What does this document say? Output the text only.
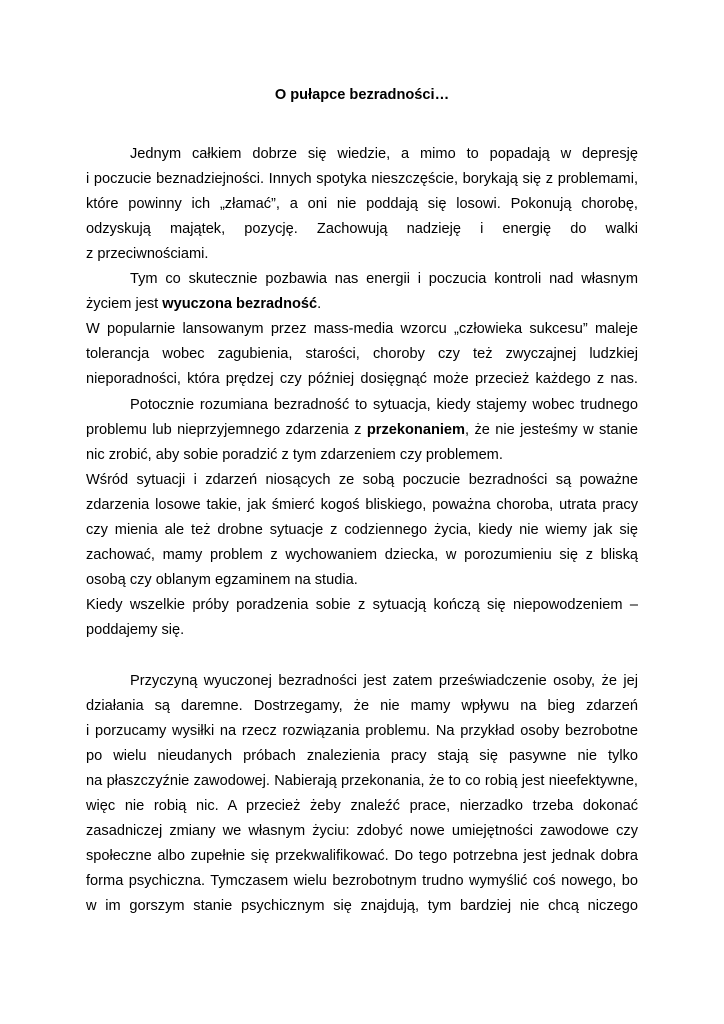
O pułapce bezradności…
Jednym całkiem dobrze się wiedzie, a mimo to popadają w depresję
i poczucie beznadziejności. Innych spotyka nieszczęście, borykają się z problemami,
które powinny ich „złamać”, a oni nie poddają się losowi. Pokonują chorobę,
odzyskują majątek, pozycję. Zachowują nadzieję i energię do walki
z przeciwnościami.
Tym co skutecznie pozbawia nas energii i poczucia kontroli nad własnym
życiem jest wyuczona bezradność.
W popularnie lansowanym przez mass-media wzorcu „człowieka sukcesu” maleje
tolerancja wobec zagubienia, starości, choroby czy też zwyczajnej ludzkiej
nieporadności, która prędzej czy później dosięgnąć może przecież każdego z nas.
Potocznie rozumiana bezradność to sytuacja, kiedy stajemy wobec trudnego
problemu lub nieprzyjemnego zdarzenia z przekonaniem, że nie jesteśmy w stanie
nic zrobić, aby sobie poradzić z tym zdarzeniem czy problemem.
Wśród sytuacji i zdarzeń niosących ze sobą poczucie bezradności są poważne
zdarzenia losowe takie, jak śmierć kogoś bliskiego, poważna choroba, utrata pracy
czy mienia ale też drobne sytuacje z codziennego życia, kiedy nie wiemy jak się
zachować, mamy problem z wychowaniem dziecka, w porozumieniu się z bliską
osobą czy oblanym egzaminem na studia.
Kiedy wszelkie próby poradzenia sobie z sytuacją kończą się niepowodzeniem –
poddajemy się.
Przyczyną wyuczonej bezradności jest zatem przeświadczenie osoby, że jej
działania są daremne. Dostrzegamy, że nie mamy wpływu na bieg zdarzeń
i porzucamy wysiłki na rzecz rozwiązania problemu. Na przykład osoby bezrobotne
po wielu nieudanych próbach znalezienia pracy stają się pasywne nie tylko
na płaszczyźnie zawodowej. Nabierają przekonania, że to co robią jest nieefektywne,
więc nie robią nic. A przecież żeby znaleźć prace, nierzadko trzeba dokonać
zasadniczej zmiany we własnym życiu: zdobyć nowe umiejętności zawodowe czy
społeczne albo zupełnie się przekwalifikować. Do tego potrzebna jest jednak dobra
forma psychiczna. Tymczasem wielu bezrobotnym trudno wymyślić coś nowego, bo
w im gorszym stanie psychicznym się znajdują, tym bardziej nie chcą niczego
